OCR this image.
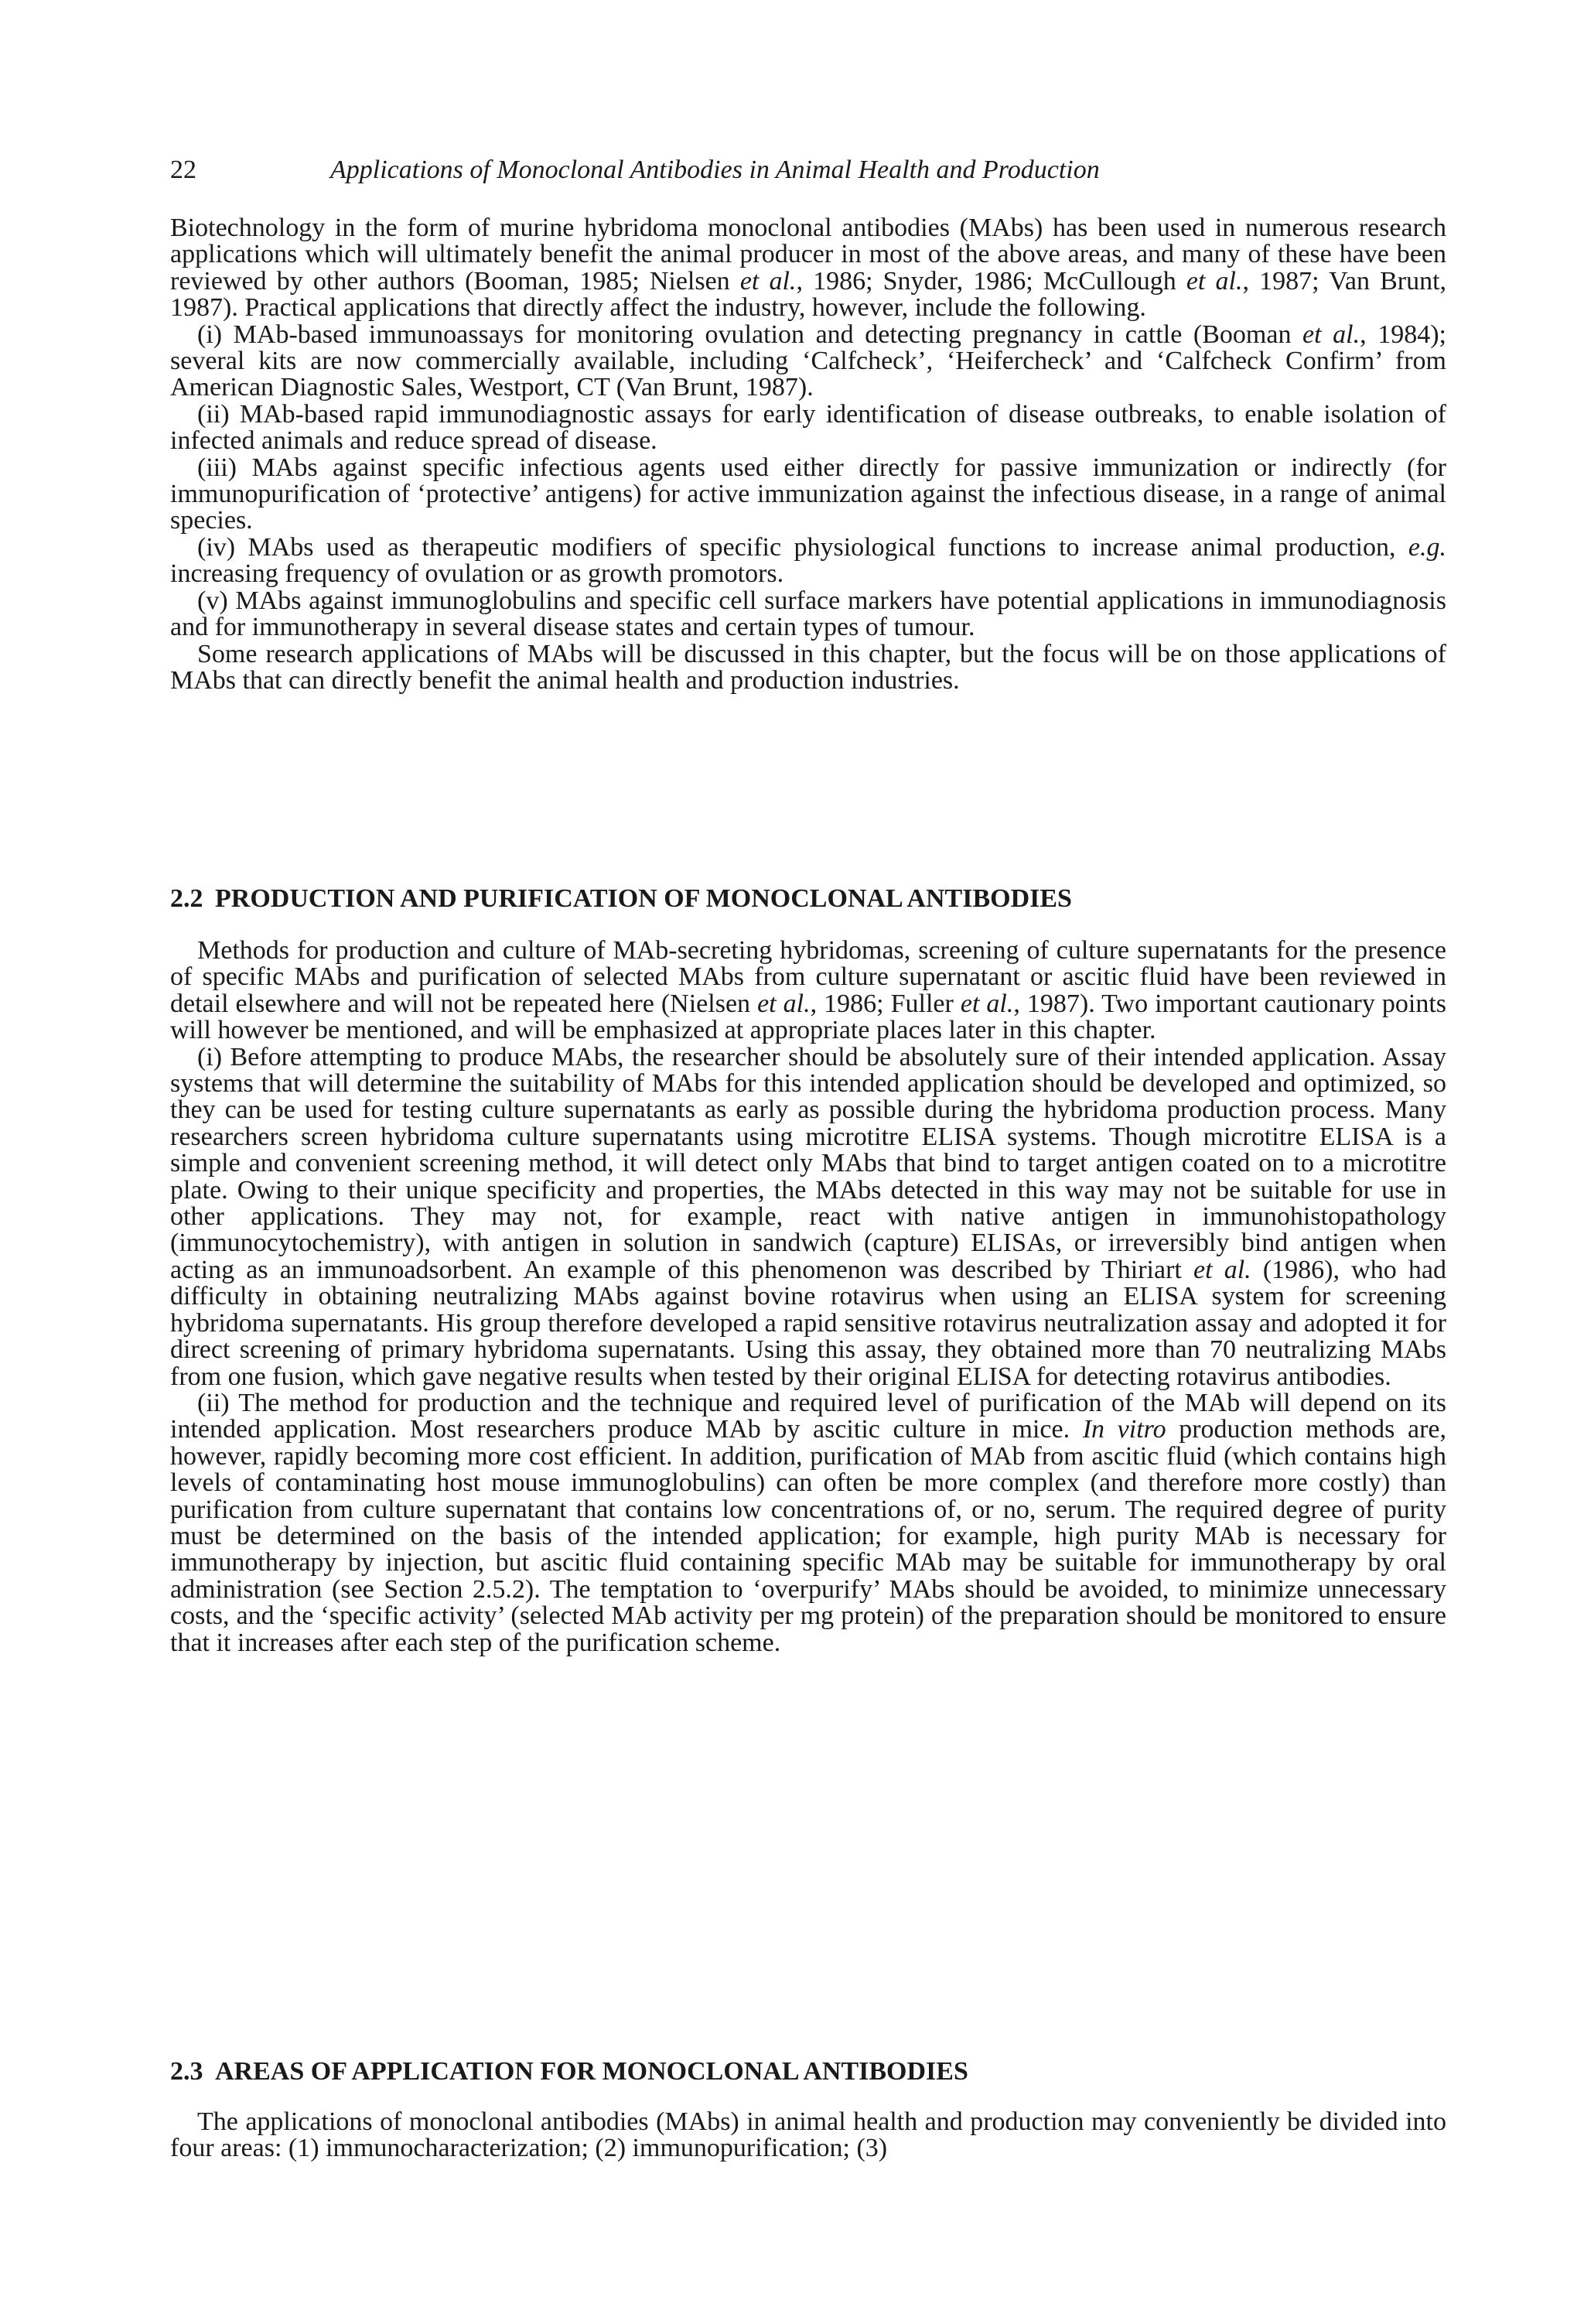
22	Applications of Monoclonal Antibodies in Animal Health and Production

Biotechnology in the form of murine hybridoma monoclonal antibodies (MAbs) has been used in numerous research applications which will ultimately benefit the animal producer in most of the above areas, and many of these have been reviewed by other authors (Booman, 1985; Nielsen et al., 1986; Snyder, 1986; McCullough et al., 1987; Van Brunt, 1987). Practical applications that directly affect the industry, however, include the following.

(i) MAb-based immunoassays for monitoring ovulation and detecting pregnancy in cattle (Booman et al., 1984); several kits are now commercially available, including ‘Calfcheck’, ‘Heifercheck’ and ‘Calfcheck Confirm’ from American Diagnostic Sales, Westport, CT (Van Brunt, 1987).

(ii) MAb-based rapid immunodiagnostic assays for early identification of disease outbreaks, to enable isolation of infected animals and reduce spread of disease.

(iii) MAbs against specific infectious agents used either directly for passive immunization or indirectly (for immunopurification of ‘protective’ antigens) for active immunization against the infectious disease, in a range of animal species.

(iv) MAbs used as therapeutic modifiers of specific physiological functions to increase animal production, e.g. increasing frequency of ovulation or as growth promotors.

(v) MAbs against immunoglobulins and specific cell surface markers have potential applications in immunodiagnosis and for immunotherapy in several disease states and certain types of tumour.

Some research applications of MAbs will be discussed in this chapter, but the focus will be on those applications of MAbs that can directly benefit the animal health and production industries.

2.2 PRODUCTION AND PURIFICATION OF MONOCLONAL ANTIBODIES

Methods for production and culture of MAb-secreting hybridomas, screening of culture supernatants for the presence of specific MAbs and purification of selected MAbs from culture supernatant or ascitic fluid have been reviewed in detail elsewhere and will not be repeated here (Nielsen et al., 1986; Fuller et al., 1987). Two important cautionary points will however be mentioned, and will be emphasized at appropriate places later in this chapter.

(i) Before attempting to produce MAbs, the researcher should be absolutely sure of their intended application. Assay systems that will determine the suitability of MAbs for this intended application should be developed and optimized, so they can be used for testing culture supernatants as early as possible during the hybridoma production process. Many researchers screen hybridoma culture supernatants using microtitre ELISA systems. Though microtitre ELISA is a simple and convenient screening method, it will detect only MAbs that bind to target antigen coated on to a microtitre plate. Owing to their unique specificity and properties, the MAbs detected in this way may not be suitable for use in other applications. They may not, for example, react with native antigen in immunohistopathology (immunocytochemistry), with antigen in solution in sandwich (capture) ELISAs, or irreversibly bind antigen when acting as an immunoadsorbent. An example of this phenomenon was described by Thiriart et al. (1986), who had difficulty in obtaining neutralizing MAbs against bovine rotavirus when using an ELISA system for screening hybridoma supernatants. His group therefore developed a rapid sensitive rotavirus neutralization assay and adopted it for direct screening of primary hybridoma supernatants. Using this assay, they obtained more than 70 neutralizing MAbs from one fusion, which gave negative results when tested by their original ELISA for detecting rotavirus antibodies.

(ii) The method for production and the technique and required level of purification of the MAb will depend on its intended application. Most researchers produce MAb by ascitic culture in mice. In vitro production methods are, however, rapidly becoming more cost efficient. In addition, purification of MAb from ascitic fluid (which contains high levels of contaminating host mouse immunoglobulins) can often be more complex (and therefore more costly) than purification from culture supernatant that contains low concentrations of, or no, serum. The required degree of purity must be determined on the basis of the intended application; for example, high purity MAb is necessary for immunotherapy by injection, but ascitic fluid containing specific MAb may be suitable for immunotherapy by oral administration (see Section 2.5.2). The temptation to ‘overpurify’ MAbs should be avoided, to minimize unnecessary costs, and the ‘specific activity’ (selected MAb activity per mg protein) of the preparation should be monitored to ensure that it increases after each step of the purification scheme.

2.3 AREAS OF APPLICATION FOR MONOCLONAL ANTIBODIES

The applications of monoclonal antibodies (MAbs) in animal health and production may conveniently be divided into four areas: (1) immunocharacterization; (2) immunopurification; (3)
